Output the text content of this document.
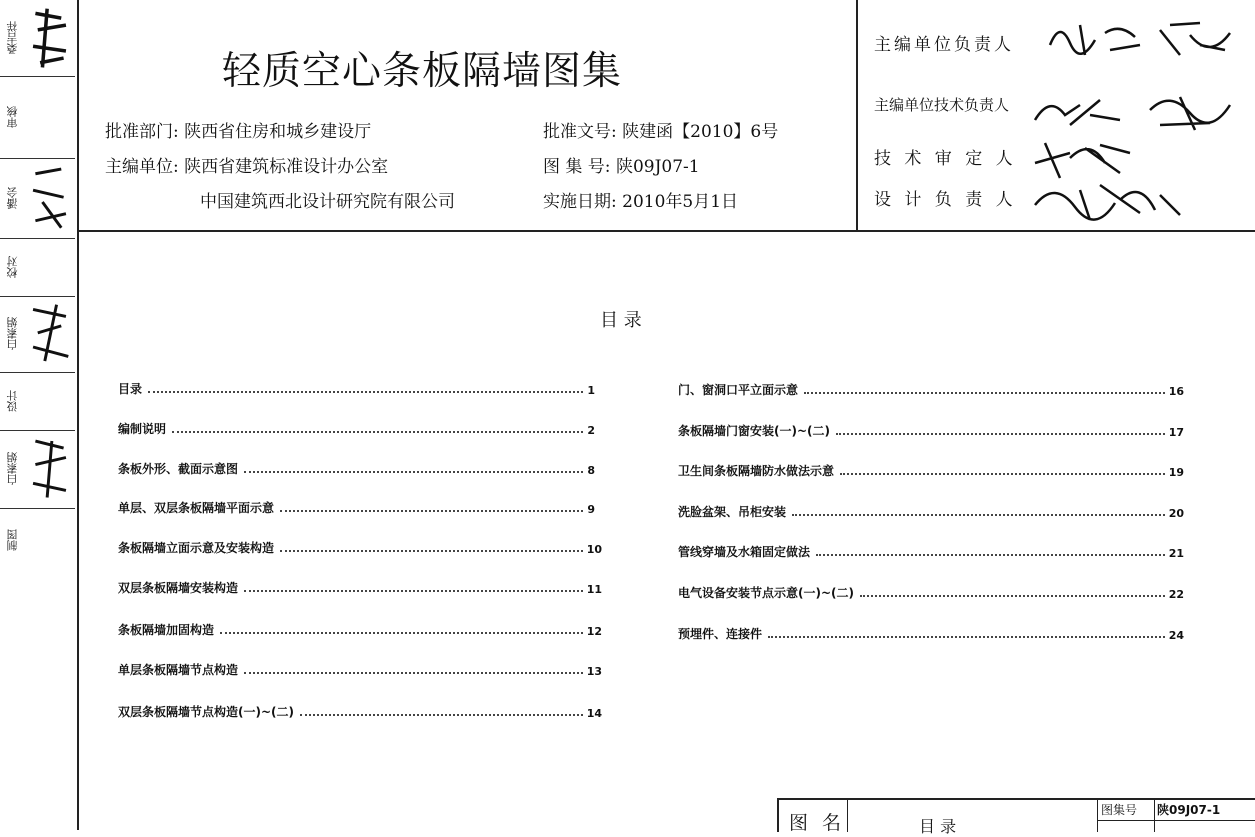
桑吉祥
审核
潘会
校对
白素娟
设计
白素娟
制图
轻质空心条板隔墙图集
批准部门: 陕西省住房和城乡建设厅
主编单位: 陕西省建筑标准设计办公室
中国建筑西北设计研究院有限公司
批准文号: 陕建函【2010】6号
图 集 号: 陕09J07-1
实施日期: 2010年5月1日
主编单位负责人
主编单位技术负责人
技 术 审 定 人
设 计 负 责 人
目 录
目录	1
编制说明	2
条板外形、截面示意图	8
单层、双层条板隔墙平面示意	9
条板隔墙立面示意及安装构造	10
双层条板隔墙安装构造	11
条板隔墙加固构造	12
单层条板隔墙节点构造	13
双层条板隔墙节点构造(一)~(二)	14
门、窗洞口平立面示意	16
条板隔墙门窗安装(一)~(二)	17
卫生间条板隔墙防水做法示意	19
洗脸盆架、吊柜安装	20
管线穿墙及水箱固定做法	21
电气设备安装节点示意(一)~(二)	22
预埋件、连接件	24
图 名	目 录
图集号 陕09J07-1
